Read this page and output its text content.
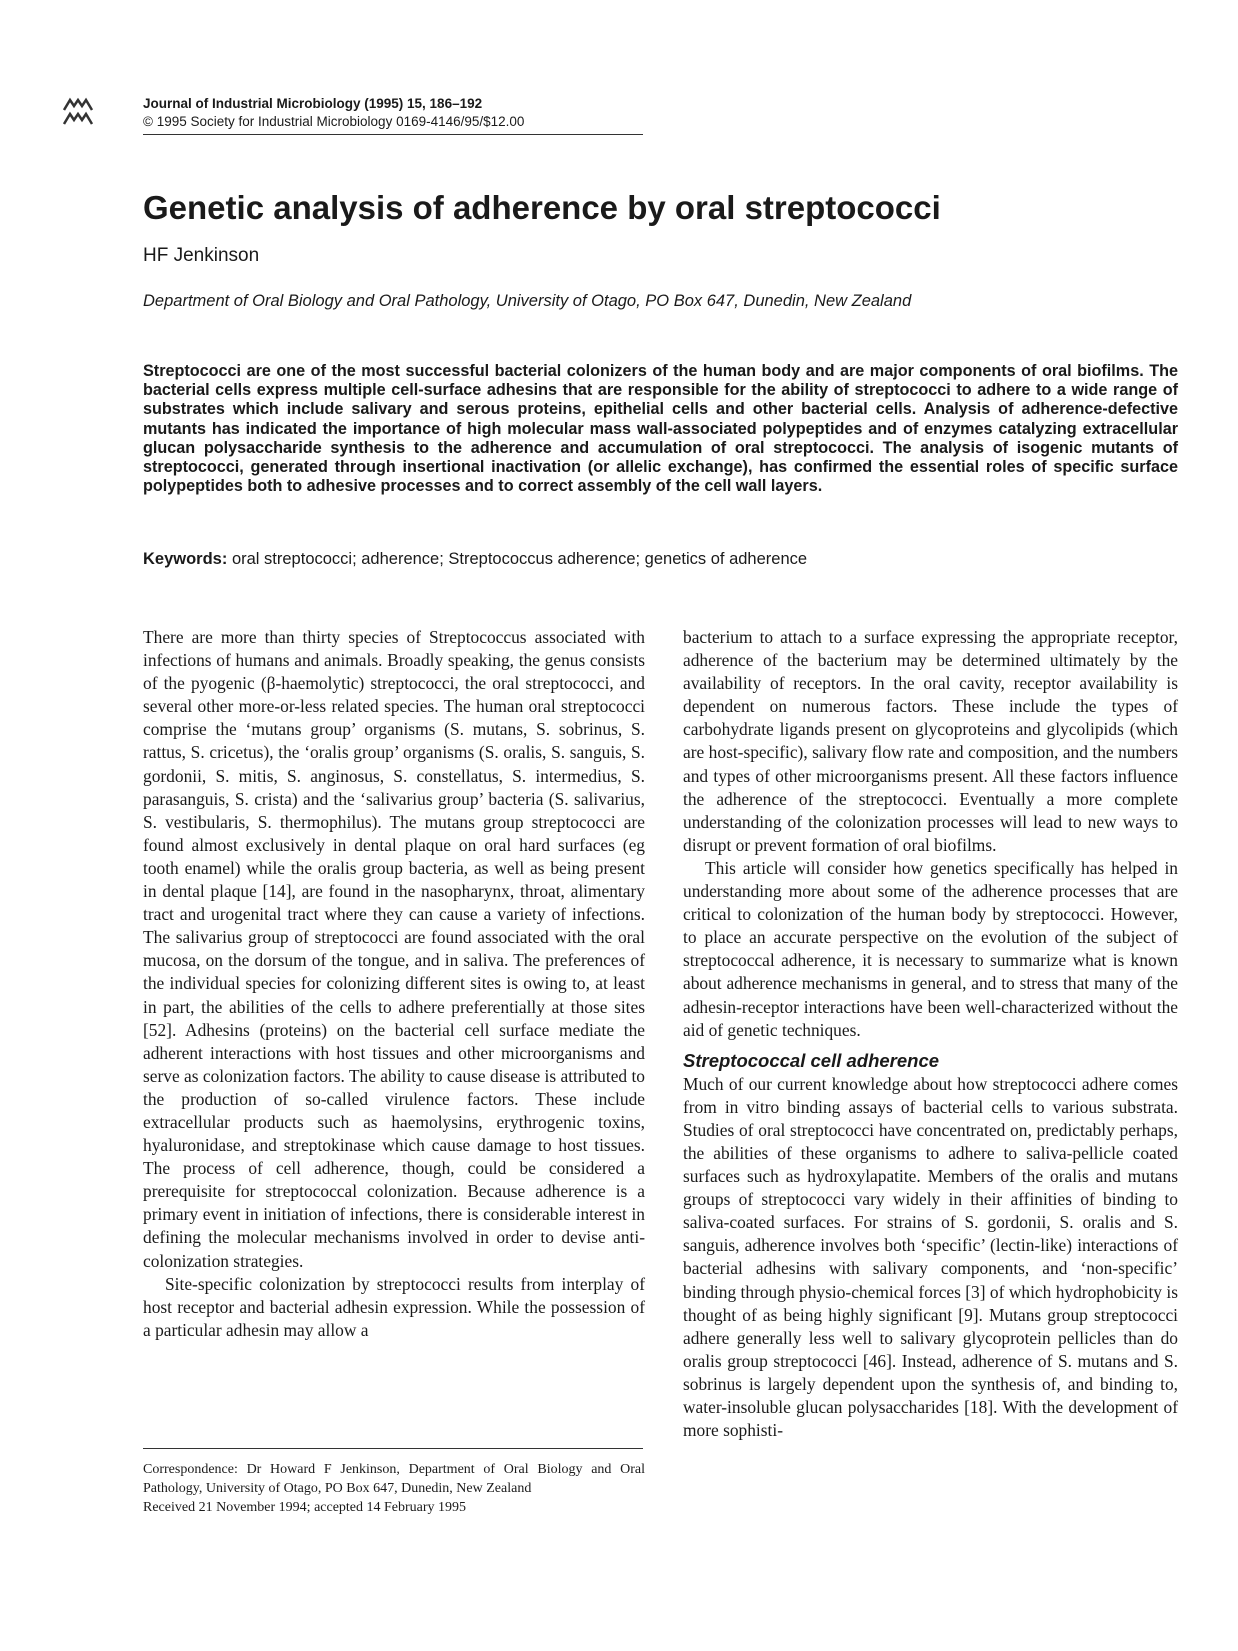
Journal of Industrial Microbiology (1995) 15, 186–192
© 1995 Society for Industrial Microbiology 0169-4146/95/$12.00
Genetic analysis of adherence by oral streptococci
HF Jenkinson
Department of Oral Biology and Oral Pathology, University of Otago, PO Box 647, Dunedin, New Zealand

Streptococci are one of the most successful bacterial colonizers of the human body and are major components of oral biofilms. The bacterial cells express multiple cell-surface adhesins that are responsible for the ability of streptococci to adhere to a wide range of substrates which include salivary and serous proteins, epithelial cells and other bacterial cells. Analysis of adherence-defective mutants has indicated the importance of high molecular mass wall-associated polypeptides and of enzymes catalyzing extracellular glucan polysaccharide synthesis to the adherence and accumulation of oral streptococci. The analysis of isogenic mutants of streptococci, generated through insertional inactivation (or allelic exchange), has confirmed the essential roles of specific surface polypeptides both to adhesive processes and to correct assembly of the cell wall layers.

Keywords: oral streptococci; adherence; Streptococcus adherence; genetics of adherence

There are more than thirty species of Streptococcus associated with infections of humans and animals. Broadly speaking, the genus consists of the pyogenic (β-haemolytic) streptococci, the oral streptococci, and several other more-or-less related species. The human oral streptococci comprise the ‘mutans group’ organisms (S. mutans, S. sobrinus, S. rattus, S. cricetus), the ‘oralis group’ organisms (S. oralis, S. sanguis, S. gordonii, S. mitis, S. anginosus, S. constellatus, S. intermedius, S. parasanguis, S. crista) and the ‘salivarius group’ bacteria (S. salivarius, S. vestibularis, S. thermophilus). The mutans group streptococci are found almost exclusively in dental plaque on oral hard surfaces (eg tooth enamel) while the oralis group bacteria, as well as being present in dental plaque [14], are found in the nasopharynx, throat, alimentary tract and urogenital tract where they can cause a variety of infections. The salivarius group of streptococci are found associated with the oral mucosa, on the dorsum of the tongue, and in saliva. The preferences of the individual species for colonizing different sites is owing to, at least in part, the abilities of the cells to adhere preferentially at those sites [52]. Adhesins (proteins) on the bacterial cell surface mediate the adherent interactions with host tissues and other microorganisms and serve as colonization factors. The ability to cause disease is attributed to the production of so-called virulence factors. These include extracellular products such as haemolysins, erythrogenic toxins, hyaluronidase, and streptokinase which cause damage to host tissues. The process of cell adherence, though, could be considered a prerequisite for streptococcal colonization. Because adherence is a primary event in initiation of infections, there is considerable interest in defining the molecular mechanisms involved in order to devise anti-colonization strategies.

Site-specific colonization by streptococci results from interplay of host receptor and bacterial adhesin expression. While the possession of a particular adhesin may allow a

bacterium to attach to a surface expressing the appropriate receptor, adherence of the bacterium may be determined ultimately by the availability of receptors. In the oral cavity, receptor availability is dependent on numerous factors. These include the types of carbohydrate ligands present on glycoproteins and glycolipids (which are host-specific), salivary flow rate and composition, and the numbers and types of other microorganisms present. All these factors influence the adherence of the streptococci. Eventually a more complete understanding of the colonization processes will lead to new ways to disrupt or prevent formation of oral biofilms.

This article will consider how genetics specifically has helped in understanding more about some of the adherence processes that are critical to colonization of the human body by streptococci. However, to place an accurate perspective on the evolution of the subject of streptococcal adherence, it is necessary to summarize what is known about adherence mechanisms in general, and to stress that many of the adhesin-receptor interactions have been well-characterized without the aid of genetic techniques.

Streptococcal cell adherence

Much of our current knowledge about how streptococci adhere comes from in vitro binding assays of bacterial cells to various substrata. Studies of oral streptococci have concentrated on, predictably perhaps, the abilities of these organisms to adhere to saliva-pellicle coated surfaces such as hydroxylapatite. Members of the oralis and mutans groups of streptococci vary widely in their affinities of binding to saliva-coated surfaces. For strains of S. gordonii, S. oralis and S. sanguis, adherence involves both ‘specific’ (lectin-like) interactions of bacterial adhesins with salivary components, and ‘non-specific’ binding through physio-chemical forces [3] of which hydrophobicity is thought of as being highly significant [9]. Mutans group streptococci adhere generally less well to salivary glycoprotein pellicles than do oralis group streptococci [46]. Instead, adherence of S. mutans and S. sobrinus is largely dependent upon the synthesis of, and binding to, water-insoluble glucan polysaccharides [18]. With the development of more sophisti-

Correspondence: Dr Howard F Jenkinson, Department of Oral Biology and Oral Pathology, University of Otago, PO Box 647, Dunedin, New Zealand

Received 21 November 1994; accepted 14 February 1995
